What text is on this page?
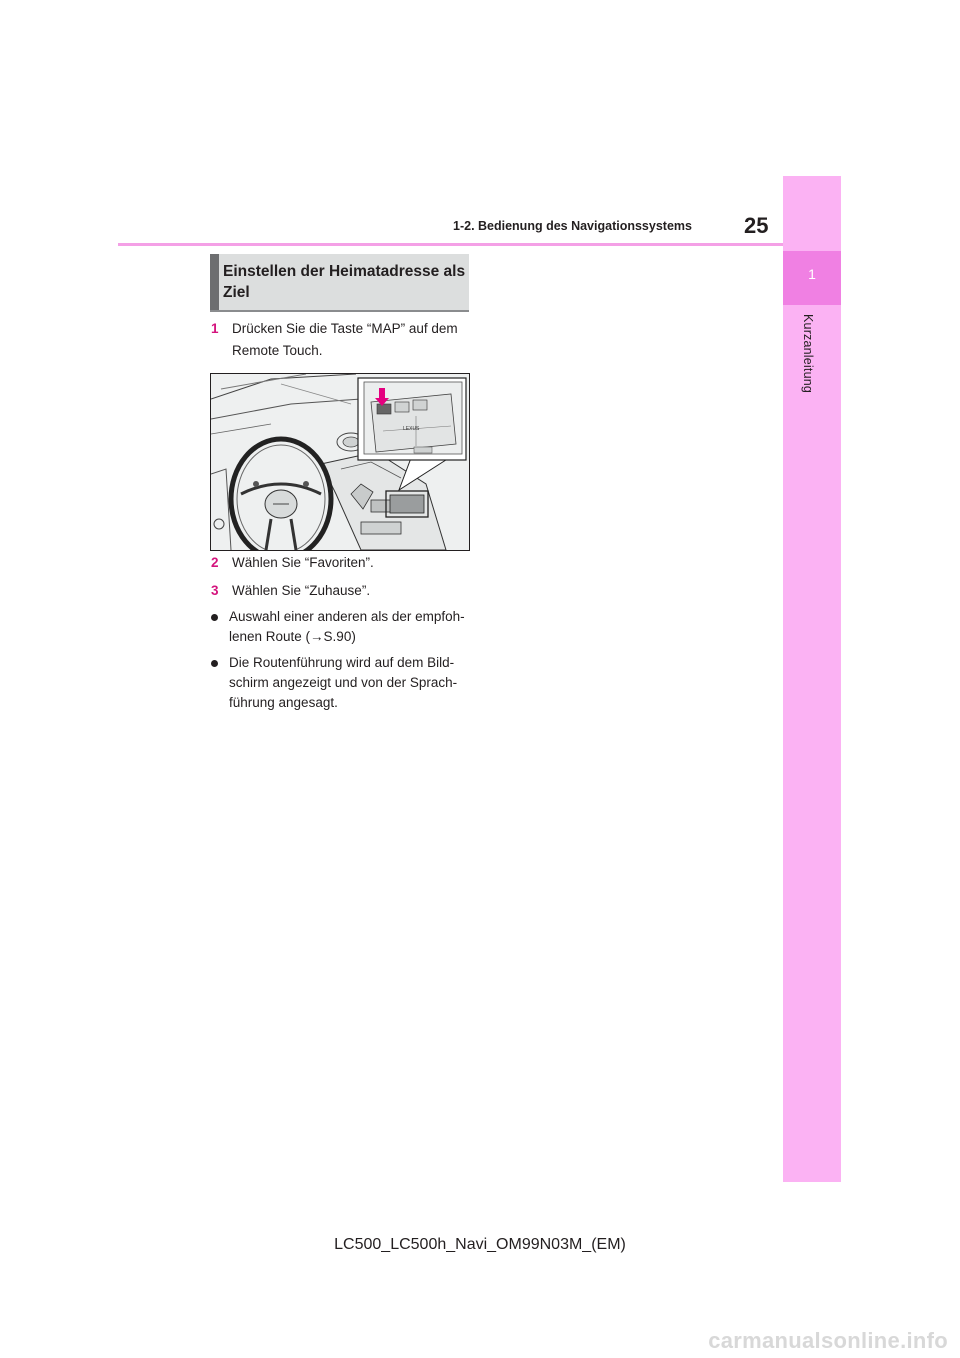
1
Kurzanleitung
1-2. Bedienung des Navigationssystems 25
Einstellen der Heimatadresse als Ziel
1 Drücken Sie die Taste “MAP” auf dem
Remote Touch.
LEXUS
2 Wählen Sie “Favoriten”.
3 Wählen Sie “Zuhause”.
Auswahl einer anderen als der empfoh-
lenen Route (→S.90)
Die Routenführung wird auf dem Bild-
schirm angezeigt und von der Sprach-
führung angesagt.
LC500_LC500h_Navi_OM99N03M_(EM)
carmanualsonline.info
